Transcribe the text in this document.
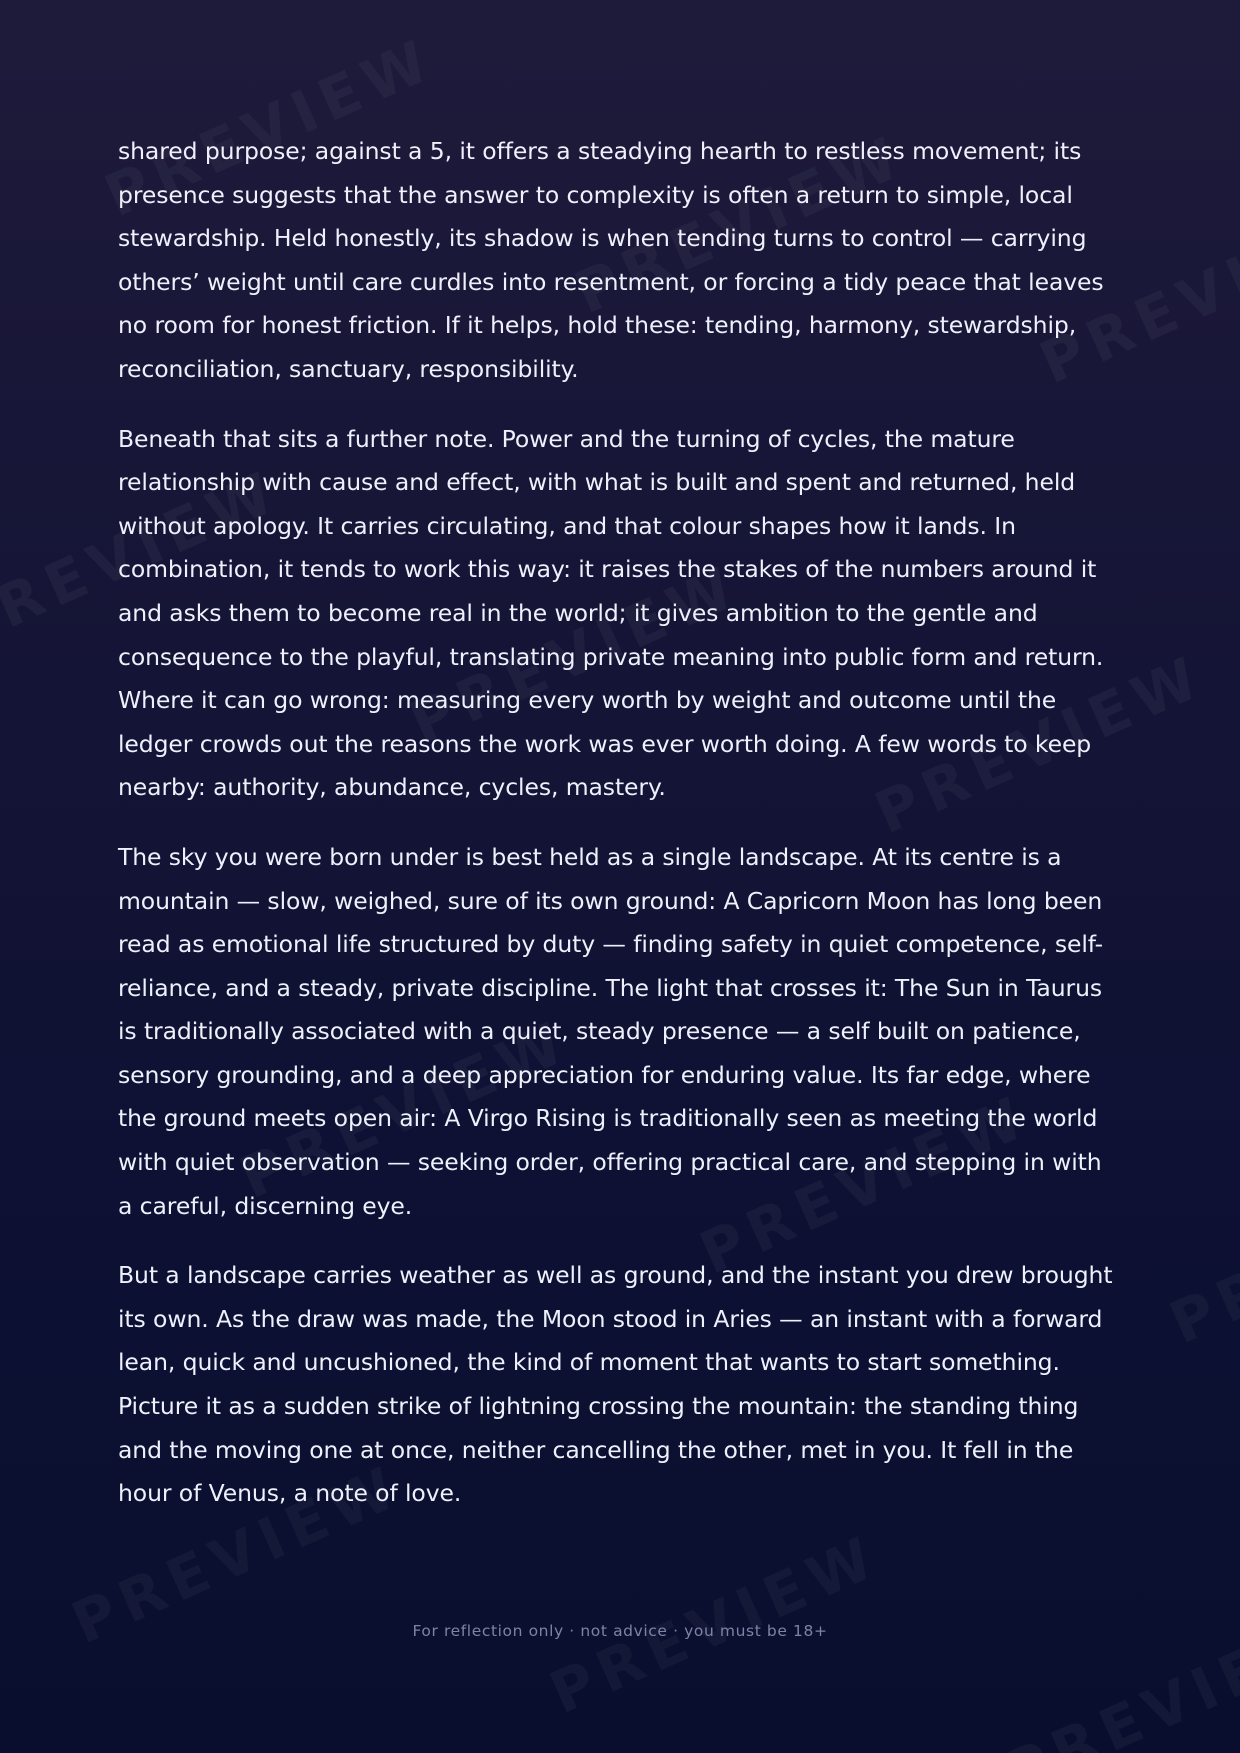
shared purpose; against a 5, it offers a steadying hearth to restless movement; its presence suggests that the answer to complexity is often a return to simple, local stewardship. Held honestly, its shadow is when tending turns to control — carrying others’ weight until care curdles into resentment, or forcing a tidy peace that leaves no room for honest friction. If it helps, hold these: tending, harmony, stewardship, reconciliation, sanctuary, responsibility.

Beneath that sits a further note. Power and the turning of cycles, the mature relationship with cause and effect, with what is built and spent and returned, held without apology. It carries circulating, and that colour shapes how it lands. In combination, it tends to work this way: it raises the stakes of the numbers around it and asks them to become real in the world; it gives ambition to the gentle and consequence to the playful, translating private meaning into public form and return. Where it can go wrong: measuring every worth by weight and outcome until the ledger crowds out the reasons the work was ever worth doing. A few words to keep nearby: authority, abundance, cycles, mastery.

The sky you were born under is best held as a single landscape. At its centre is a mountain — slow, weighed, sure of its own ground: A Capricorn Moon has long been read as emotional life structured by duty — finding safety in quiet competence, self-reliance, and a steady, private discipline. The light that crosses it: The Sun in Taurus is traditionally associated with a quiet, steady presence — a self built on patience, sensory grounding, and a deep appreciation for enduring value. Its far edge, where the ground meets open air: A Virgo Rising is traditionally seen as meeting the world with quiet observation — seeking order, offering practical care, and stepping in with a careful, discerning eye.

But a landscape carries weather as well as ground, and the instant you drew brought its own. As the draw was made, the Moon stood in Aries — an instant with a forward lean, quick and uncushioned, the kind of moment that wants to start something. Picture it as a sudden strike of lightning crossing the mountain: the standing thing and the moving one at once, neither cancelling the other, met in you. It fell in the hour of Venus, a note of love.

For reflection only · not advice · you must be 18+
